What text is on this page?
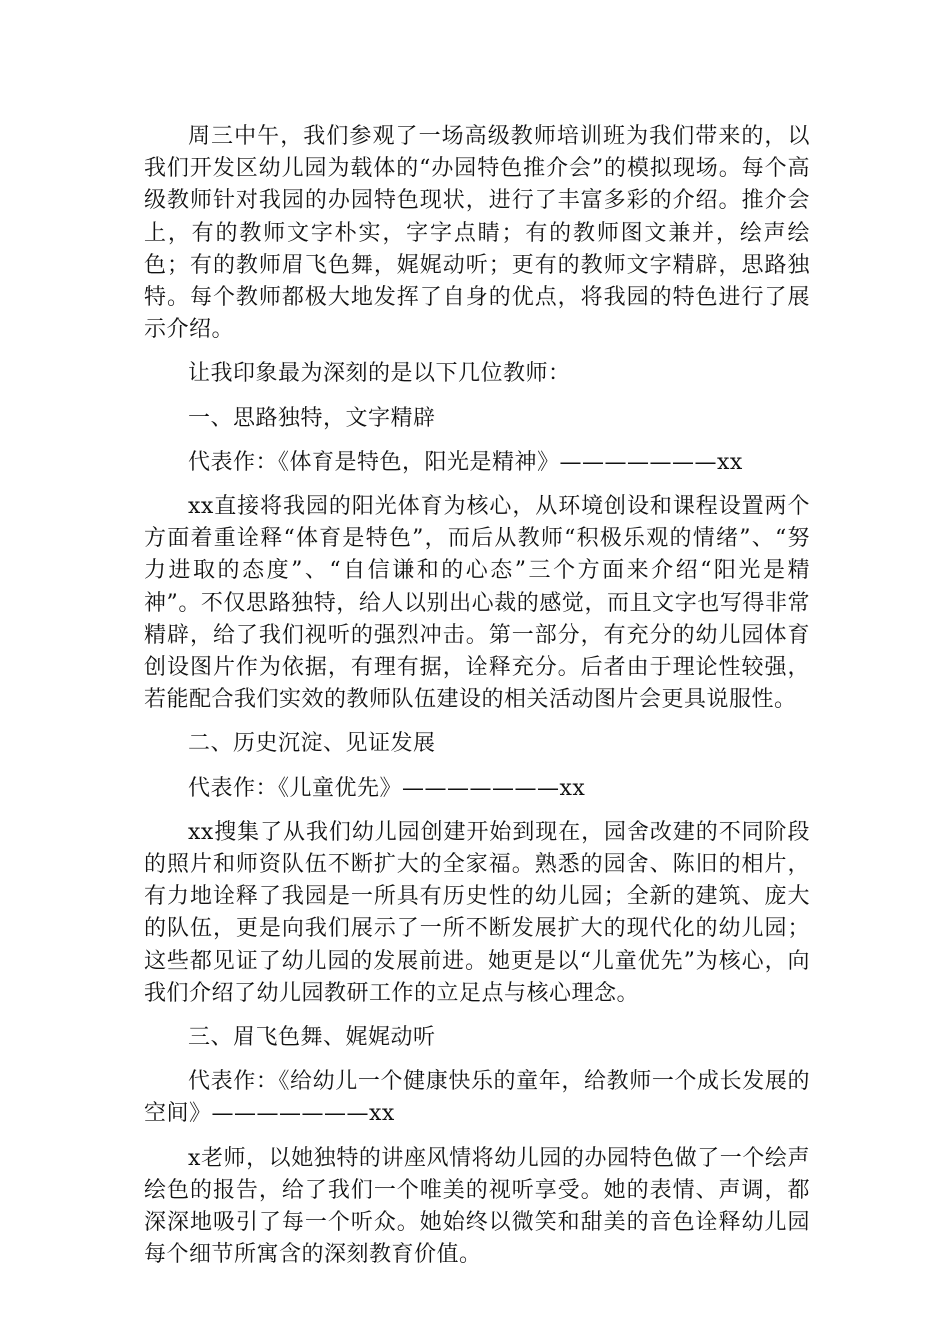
周三中午，我们参观了一场高级教师培训班为我们带来的，以我们开发区幼儿园为载体的“办园特色推介会”的模拟现场。每个高级教师针对我园的办园特色现状，进行了丰富多彩的介绍。推介会上，有的教师文字朴实，字字点睛；有的教师图文兼并，绘声绘色；有的教师眉飞色舞，娓娓动听；更有的教师文字精辟，思路独特。每个教师都极大地发挥了自身的优点，将我园的特色进行了展示介绍。

让我印象最为深刻的是以下几位教师：

一、思路独特，文字精辟

代表作：《体育是特色，阳光是精神》———————xx

xx直接将我园的阳光体育为核心，从环境创设和课程设置两个方面着重诠释“体育是特色”，而后从教师“积极乐观的情绪”、“努力进取的态度”、“自信谦和的心态”三个方面来介绍“阳光是精神”。不仅思路独特，给人以别出心裁的感觉，而且文字也写得非常精辟，给了我们视听的强烈冲击。第一部分，有充分的幼儿园体育创设图片作为依据，有理有据，诠释充分。后者由于理论性较强，若能配合我们实效的教师队伍建设的相关活动图片会更具说服性。

二、历史沉淀、见证发展

代表作：《儿童优先》———————xx

xx搜集了从我们幼儿园创建开始到现在，园舍改建的不同阶段的照片和师资队伍不断扩大的全家福。熟悉的园舍、陈旧的相片，有力地诠释了我园是一所具有历史性的幼儿园；全新的建筑、庞大的队伍，更是向我们展示了一所不断发展扩大的现代化的幼儿园；这些都见证了幼儿园的发展前进。她更是以“儿童优先”为核心，向我们介绍了幼儿园教研工作的立足点与核心理念。

三、眉飞色舞、娓娓动听

代表作：《给幼儿一个健康快乐的童年，给教师一个成长发展的空间》———————xx

x老师，以她独特的讲座风情将幼儿园的办园特色做了一个绘声绘色的报告，给了我们一个唯美的视听享受。她的表情、声调，都深深地吸引了每一个听众。她始终以微笑和甜美的音色诠释幼儿园每个细节所寓含的深刻教育价值。
